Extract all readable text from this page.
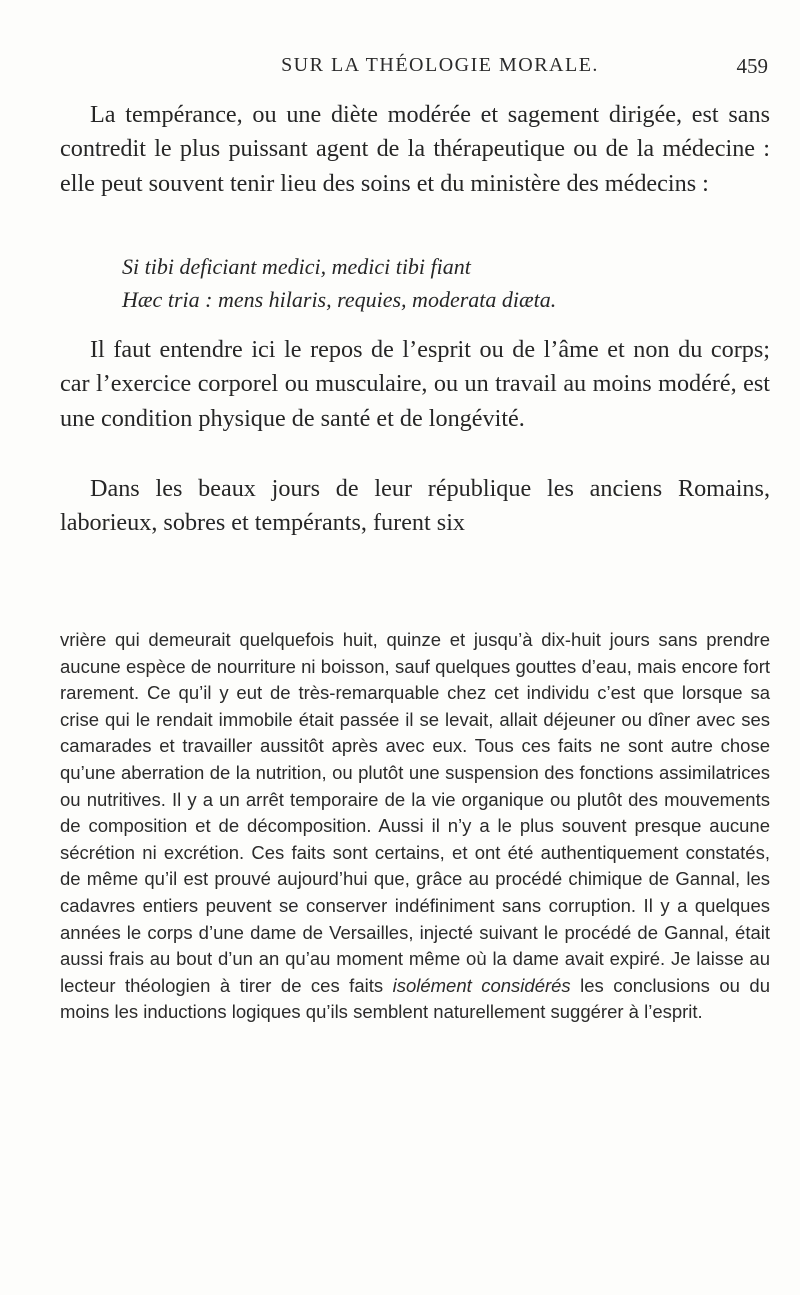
SUR LA THÉOLOGIE MORALE.	459

La tempérance, ou une diète modérée et sagement dirigée, est sans contredit le plus puissant agent de la thérapeutique ou de la médecine : elle peut souvent tenir lieu des soins et du ministère des médecins :

Si tibi deficiant medici, medici tibi fiant
Hæc tria : mens hilaris, requies, moderata diæta.

Il faut entendre ici le repos de l’esprit ou de l’âme et non du corps; car l’exercice corporel ou musculaire, ou un travail au moins modéré, est une condition physique de santé et de longévité.

Dans les beaux jours de leur république les anciens Romains, laborieux, sobres et tempérants, furent six

vrière qui demeurait quelquefois huit, quinze et jusqu’à dix-huit jours sans prendre aucune espèce de nourriture ni boisson, sauf quelques gouttes d’eau, mais encore fort rarement. Ce qu’il y eut de très-remarquable chez cet individu c’est que lorsque sa crise qui le rendait immobile était passée il se levait, allait déjeuner ou dîner avec ses camarades et travailler aussitôt après avec eux. Tous ces faits ne sont autre chose qu’une aberration de la nutrition, ou plutôt une suspension des fonctions assimilatrices ou nutritives. Il y a un arrêt temporaire de la vie organique ou plutôt des mouvements de composition et de décomposition. Aussi il n’y a le plus souvent presque aucune sécrétion ni excrétion. Ces faits sont certains, et ont été authentiquement constatés, de même qu’il est prouvé aujourd’hui que, grâce au procédé chimique de Gannal, les cadavres entiers peuvent se conserver indéfiniment sans corruption. Il y a quelques années le corps d’une dame de Versailles, injecté suivant le procédé de Gannal, était aussi frais au bout d’un an qu’au moment même où la dame avait expiré. Je laisse au lecteur théologien à tirer de ces faits isolément considérés les conclusions ou du moins les inductions logiques qu’ils semblent naturellement suggérer à l’esprit.
